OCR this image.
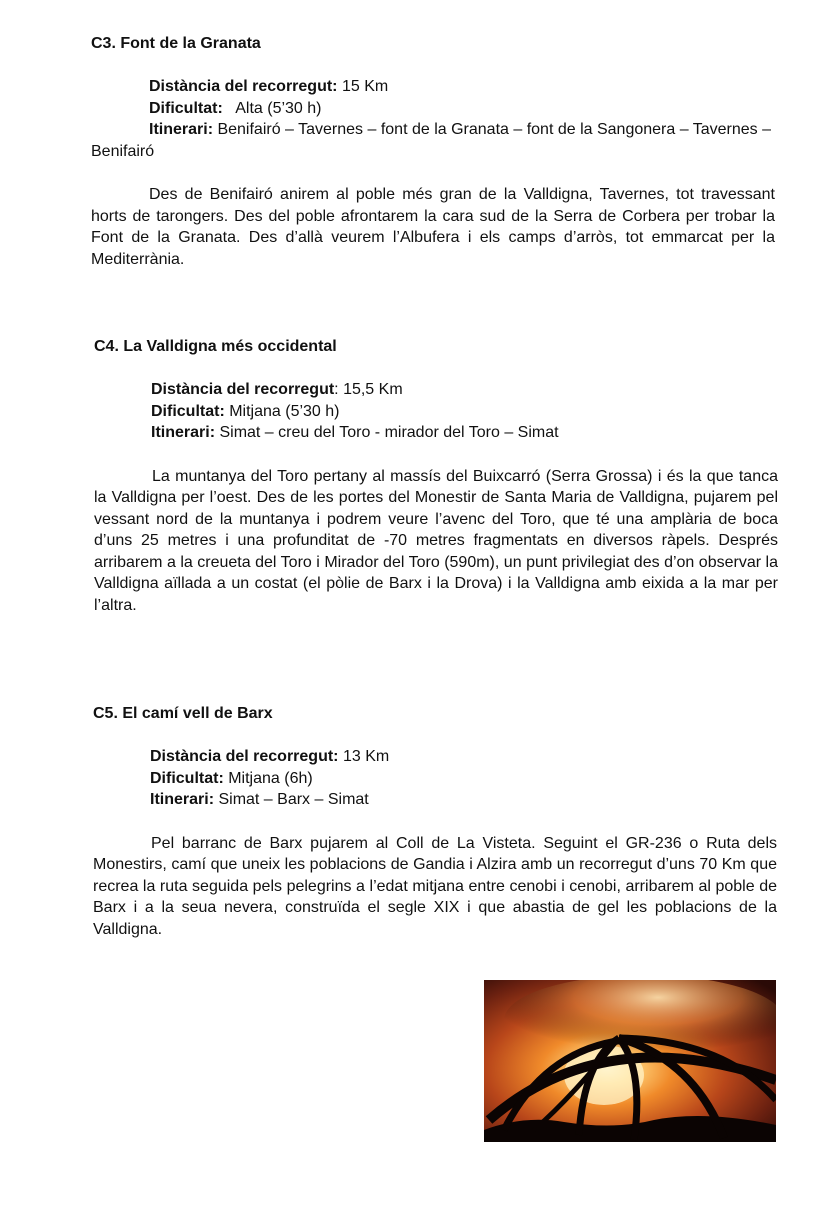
C3. Font de la Granata

Distància del recorregut: 15 Km

Dificultat:   Alta (5’30 h)

Itinerari: Benifairó – Tavernes – font de la Granata – font de la Sangonera – Tavernes – Benifairó

Des de Benifairó anirem al poble més gran de la Valldigna, Tavernes, tot travessant horts de tarongers. Des del poble afrontarem la cara sud de la Serra de Corbera per trobar la Font de la Granata. Des d’allà veurem l’Albufera i els camps d’arròs, tot emmarcat per la Mediterrània.

C4. La Valldigna més occidental

Distància del recorregut: 15,5 Km

Dificultat: Mitjana (5’30 h)

Itinerari: Simat – creu del Toro - mirador del Toro – Simat

La muntanya del Toro pertany al massís del Buixcarró (Serra Grossa) i és la que tanca la Valldigna per l’oest. Des de les portes del Monestir de Santa Maria de Valldigna, pujarem pel vessant nord de la muntanya i podrem veure l’avenc del Toro, que té una amplària de boca d’uns 25 metres i una profunditat de -70 metres fragmentats en diversos ràpels. Després arribarem a la creueta del Toro i Mirador del Toro (590m), un punt privilegiat des d’on observar la Valldigna aïllada a un costat (el pòlie de Barx i la Drova) i la Valldigna amb eixida a la mar per l’altra.

C5. El camí vell de Barx

Distància del recorregut: 13 Km

Dificultat: Mitjana (6h)

Itinerari: Simat – Barx – Simat

Pel barranc de Barx pujarem al Coll de La Visteta. Seguint el GR-236 o Ruta dels Monestirs, camí que uneix les poblacions de Gandia i Alzira amb un recorregut d’uns 70 Km que recrea la ruta seguida pels pelegrins a l’edat mitjana entre cenobi i cenobi, arribarem al poble de Barx i a la seua nevera, construïda el segle XIX i que abastia de gel les poblacions de la Valldigna.
